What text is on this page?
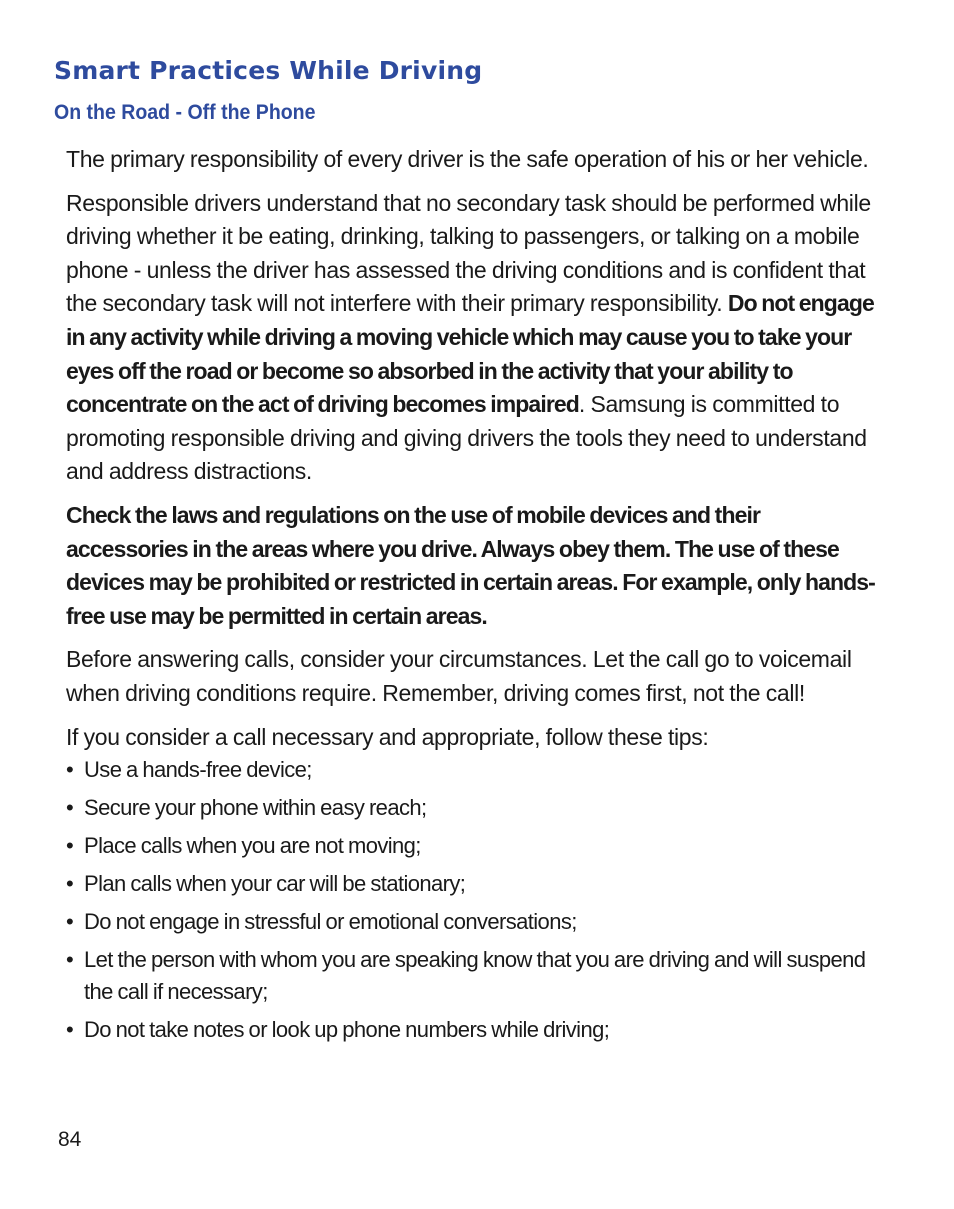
Smart Practices While Driving
On the Road - Off the Phone

The primary responsibility of every driver is the safe operation of his or her vehicle.

Responsible drivers understand that no secondary task should be performed while driving whether it be eating, drinking, talking to passengers, or talking on a mobile phone - unless the driver has assessed the driving conditions and is confident that the secondary task will not interfere with their primary responsibility. Do not engage in any activity while driving a moving vehicle which may cause you to take your eyes off the road or become so absorbed in the activity that your ability to concentrate on the act of driving becomes impaired. Samsung is committed to promoting responsible driving and giving drivers the tools they need to understand and address distractions.

Check the laws and regulations on the use of mobile devices and their accessories in the areas where you drive. Always obey them. The use of these devices may be prohibited or restricted in certain areas. For example, only hands-free use may be permitted in certain areas.

Before answering calls, consider your circumstances. Let the call go to voicemail when driving conditions require. Remember, driving comes first, not the call!

If you consider a call necessary and appropriate, follow these tips:

• Use a hands-free device;
• Secure your phone within easy reach;
• Place calls when you are not moving;
• Plan calls when your car will be stationary;
• Do not engage in stressful or emotional conversations;
• Let the person with whom you are speaking know that you are driving and will suspend the call if necessary;
• Do not take notes or look up phone numbers while driving;
84
